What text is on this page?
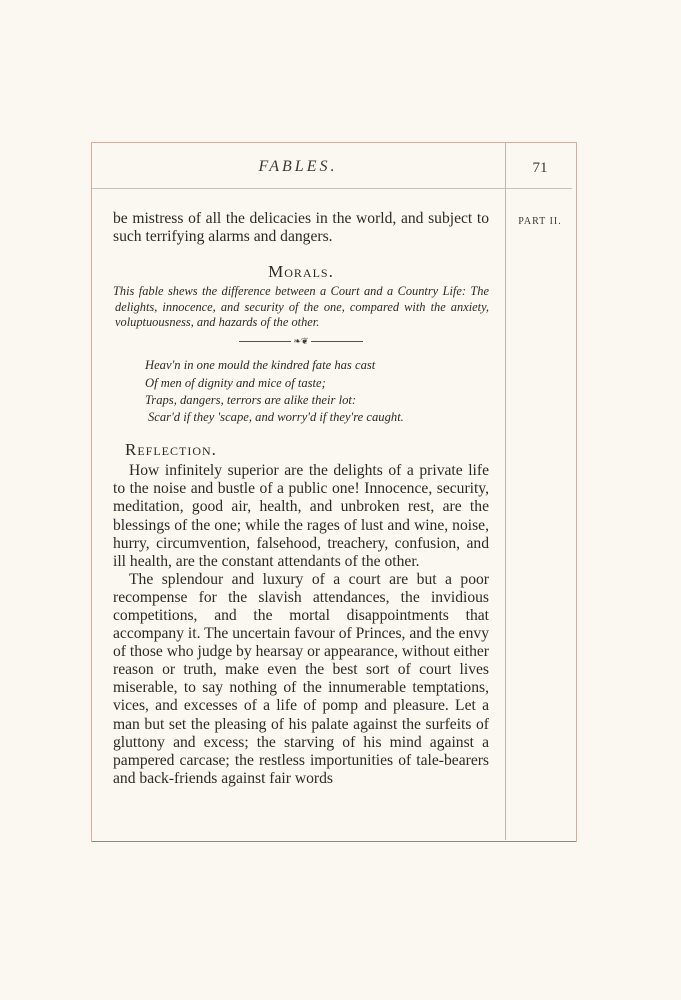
FABLES.	71
PART II.

be mistress of all the delicacies in the world, and subject to such terrifying alarms and dangers.

Morals.

This fable shews the difference between a Court and a Country Life: The delights, innocence, and security of the one, compared with the anxiety, voluptuousness, and hazards of the other.

❧❦
Heav'n in one mould the kindred fate has cast
Of men of dignity and mice of taste;
Traps, dangers, terrors are alike their lot:
Scar'd if they 'scape, and worry'd if they're caught.
Reflection.

How infinitely superior are the delights of a private life to the noise and bustle of a public one! Innocence, security, meditation, good air, health, and unbroken rest, are the blessings of the one; while the rages of lust and wine, noise, hurry, circumvention, falsehood, treachery, confusion, and ill health, are the constant attendants of the other.

The splendour and luxury of a court are but a poor recompense for the slavish attendances, the invidious competitions, and the mortal disappointments that accompany it. The uncertain favour of Princes, and the envy of those who judge by hearsay or appearance, without either reason or truth, make even the best sort of court lives miserable, to say nothing of the innumerable temptations, vices, and excesses of a life of pomp and pleasure. Let a man but set the pleasing of his palate against the surfeits of gluttony and excess; the starving of his mind against a pampered carcase; the restless importunities of tale-bearers and back-friends against fair words
